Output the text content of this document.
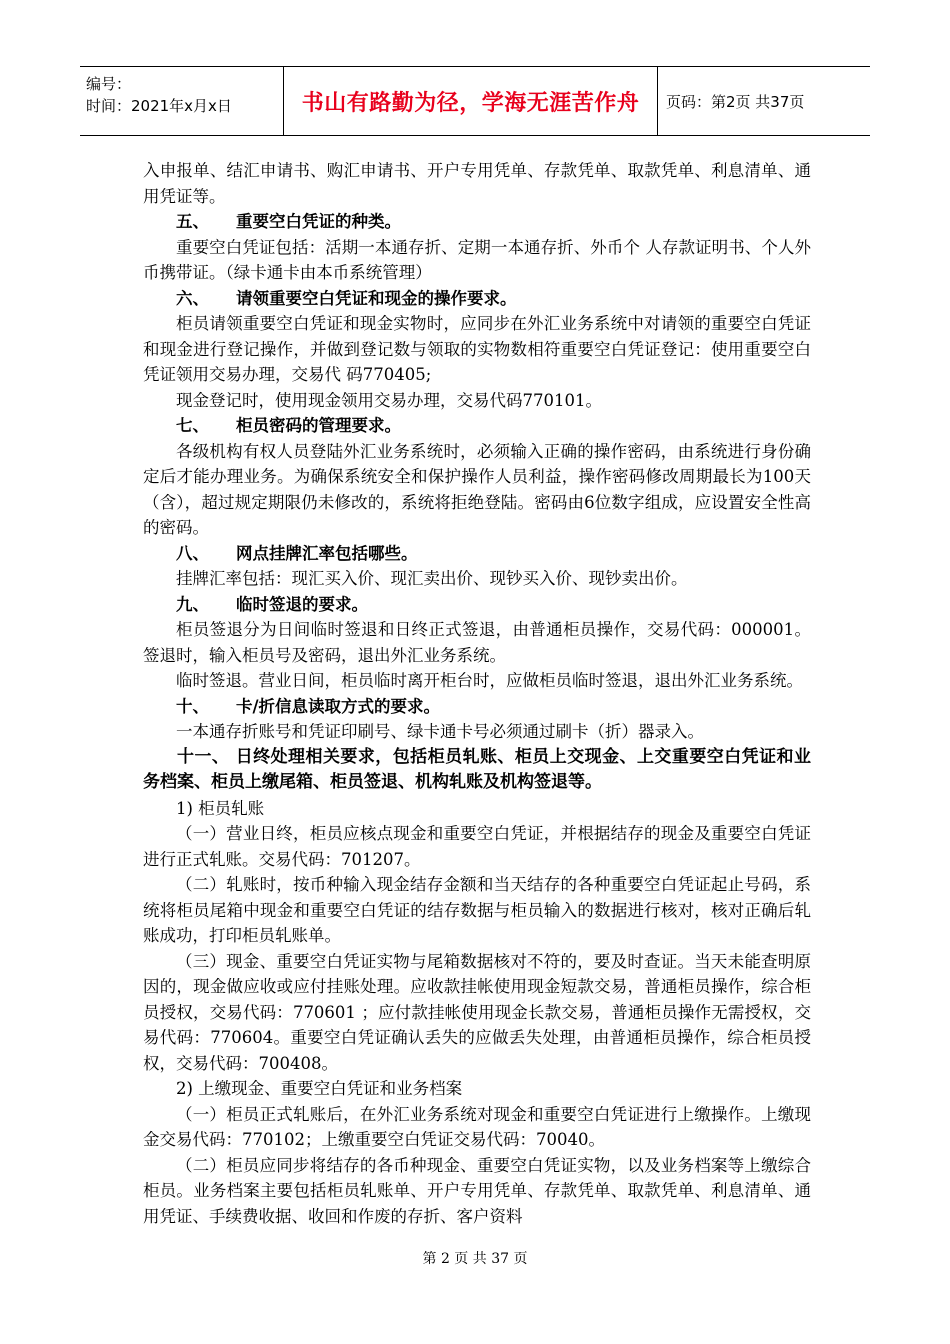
编号：
时间：2021年x月x日	书山有路勤为径，学海无涯苦作舟 页码：第2页 共37页

入申报单、结汇申请书、购汇申请书、开户专用凭单、存款凭单、取款凭单、利息清单、通用凭证等。

五、 重要空白凭证的种类。

重要空白凭证包括：活期一本通存折、定期一本通存折、外币个 人存款证明书、个人外币携带证。（绿卡通卡由本币系统管理）

六、 请领重要空白凭证和现金的操作要求。

柜员请领重要空白凭证和现金实物时，应同步在外汇业务系统中对请领的重要空白凭证和现金进行登记操作，并做到登记数与领取的实物数相符重要空白凭证登记：使用重要空白凭证领用交易办理，交易代 码770405;

现金登记时，使用现金领用交易办理，交易代码770101。

七、 柜员密码的管理要求。

各级机构有权人员登陆外汇业务系统时，必须输入正确的操作密码，由系统进行身份确定后才能办理业务。为确保系统安全和保护操作人员利益，操作密码修改周期最长为100天（含），超过规定期限仍未修改的，系统将拒绝登陆。密码由6位数字组成，应设置安全性高的密码。

八、 网点挂牌汇率包括哪些。

挂牌汇率包括：现汇买入价、现汇卖出价、现钞买入价、现钞卖出价。

九、 临时签退的要求。

柜员签退分为日间临时签退和日终正式签退，由普通柜员操作，交易代码：000001。签退时，输入柜员号及密码，退出外汇业务系统。

临时签退。营业日间，柜员临时离开柜台时，应做柜员临时签退，退出外汇业务系统。

十、 卡/折信息读取方式的要求。

一本通存折账号和凭证印刷号、绿卡通卡号必须通过刷卡（折）器录入。

十一、 日终处理相关要求，包括柜员轧账、柜员上交现金、上交重要空白凭证和业务档案、柜员上缴尾箱、柜员签退、机构轧账及机构签退等。

1) 柜员轧账

（一）营业日终，柜员应核点现金和重要空白凭证，并根据结存的现金及重要空白凭证进行正式轧账。交易代码：701207。

（二）轧账时，按币种输入现金结存金额和当天结存的各种重要空白凭证起止号码，系统将柜员尾箱中现金和重要空白凭证的结存数据与柜员输入的数据进行核对，核对正确后轧账成功，打印柜员轧账单。

（三）现金、重要空白凭证实物与尾箱数据核对不符的，要及时查证。当天未能查明原因的，现金做应收或应付挂账处理。应收款挂帐使用现金短款交易，普通柜员操作，综合柜员授权，交易代码：770601 ；应付款挂帐使用现金长款交易，普通柜员操作无需授权，交易代码：770604。重要空白凭证确认丢失的应做丢失处理，由普通柜员操作，综合柜员授权，交易代码：700408。

2) 上缴现金、重要空白凭证和业务档案

（一）柜员正式轧账后，在外汇业务系统对现金和重要空白凭证进行上缴操作。上缴现金交易代码：770102；上缴重要空白凭证交易代码：70040。

（二）柜员应同步将结存的各币种现金、重要空白凭证实物，以及业务档案等上缴综合柜员。业务档案主要包括柜员轧账单、开户专用凭单、存款凭单、取款凭单、利息清单、通用凭证、手续费收据、收回和作废的存折、客户资料

第 2 页 共 37 页
